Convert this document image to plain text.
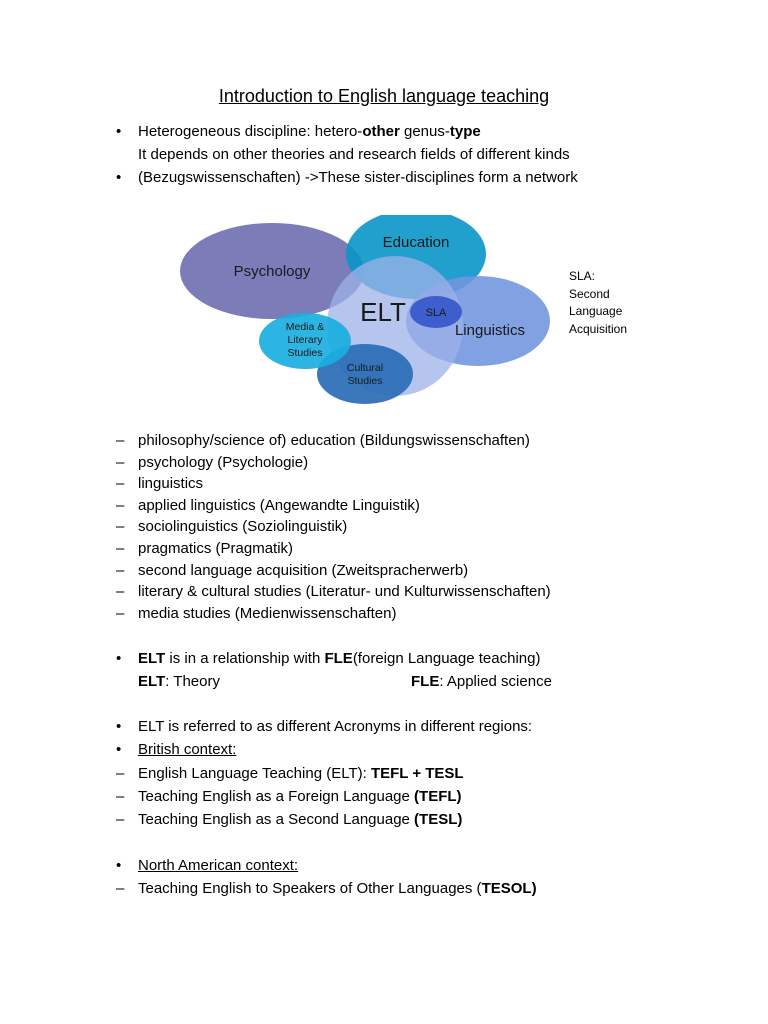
Introduction to English language teaching
• Heterogeneous discipline: hetero-other genus-type
It depends on other theories and research fields of different kinds
• (Bezugswissenschaften) ->These sister-disciplines form a network
Psychology
Education
ELT SLA
Linguistics
Media &
Literary
Studies
Cultural
Studies
SLA:
Second
Language
Acquisition
– philosophy/science of) education (Bildungswissenschaften)
– psychology (Psychologie)
– linguistics
– applied linguistics (Angewandte Linguistik)
– sociolinguistics (Soziolinguistik)
– pragmatics (Pragmatik)
– second language acquisition (Zweitspracherwerb)
– literary & cultural studies (Literatur- und Kulturwissenschaften)
– media studies (Medienwissenschaften)
• ELT is in a relationship with FLE(foreign Language teaching)
ELT: Theory	FLE: Applied science
• ELT is referred to as different Acronyms in different regions:
• British context:
– English Language Teaching (ELT): TEFL + TESL
– Teaching English as a Foreign Language (TEFL)
– Teaching English as a Second Language (TESL)
• North American context:
– Teaching English to Speakers of Other Languages (TESOL)
